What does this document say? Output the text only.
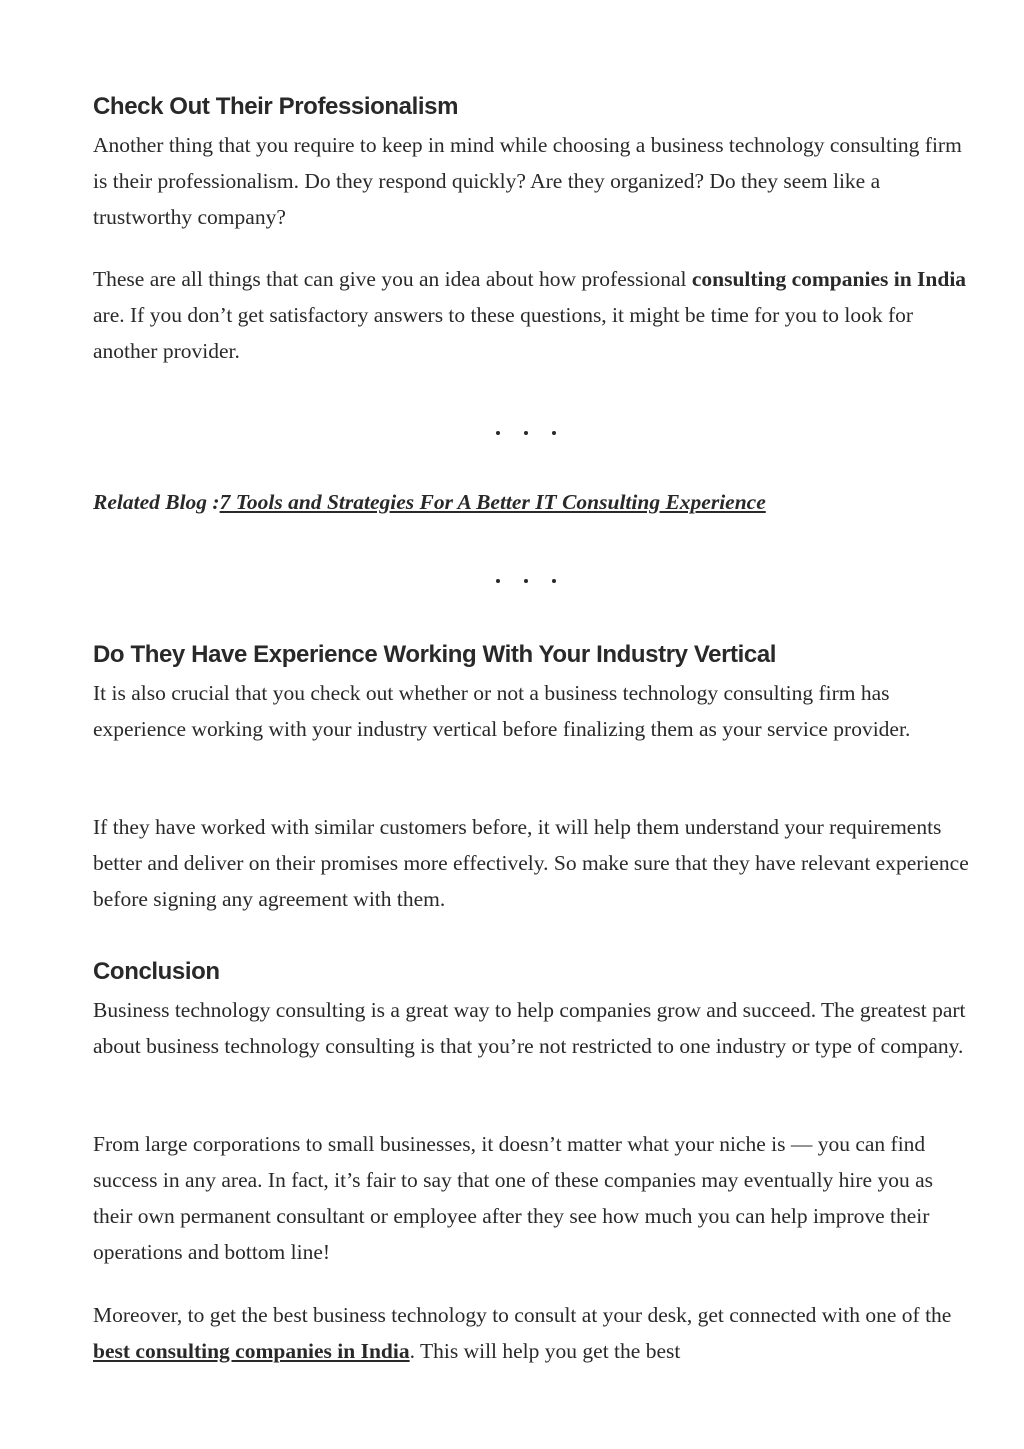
Check Out Their Professionalism

Another thing that you require to keep in mind while choosing a business technology consulting firm is their professionalism. Do they respond quickly? Are they organized? Do they seem like a trustworthy company?

These are all things that can give you an idea about how professional consulting companies in India are. If you don’t get satisfactory answers to these questions, it might be time for you to look for another provider.

Related Blog :7 Tools and Strategies For A Better IT Consulting Experience
Do They Have Experience Working With Your Industry Vertical

It is also crucial that you check out whether or not a business technology consulting firm has experience working with your industry vertical before finalizing them as your service provider.

If they have worked with similar customers before, it will help them understand your requirements better and deliver on their promises more effectively. So make sure that they have relevant experience before signing any agreement with them.

Conclusion

Business technology consulting is a great way to help companies grow and succeed. The greatest part about business technology consulting is that you’re not restricted to one industry or type of company.

From large corporations to small businesses, it doesn’t matter what your niche is — you can find success in any area. In fact, it’s fair to say that one of these companies may eventually hire you as their own permanent consultant or employee after they see how much you can help improve their operations and bottom line!

Moreover, to get the best business technology to consult at your desk, get connected with one of the best consulting companies in India. This will help you get the best
